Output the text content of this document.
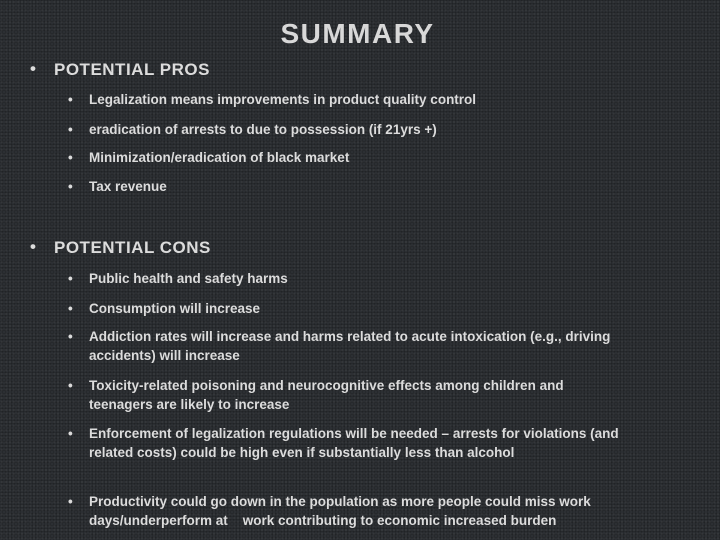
SUMMARY
• POTENTIAL PROS
• Legalization means improvements in product quality control
• eradication of arrests to due to possession (if 21yrs +)
• Minimization/eradication of black market
• Tax revenue
• POTENTIAL CONS
• Public health and safety harms
• Consumption will increase
• Addiction rates will increase and harms related to acute intoxication (e.g., driving accidents) will increase
• Toxicity-related poisoning and neurocognitive effects among children and teenagers are likely to increase
• Enforcement of legalization regulations will be needed – arrests for violations (and related costs) could be high even if substantially less than alcohol
• Productivity could go down in the population as more people could miss work days/underperform at    work contributing to economic increased burden
